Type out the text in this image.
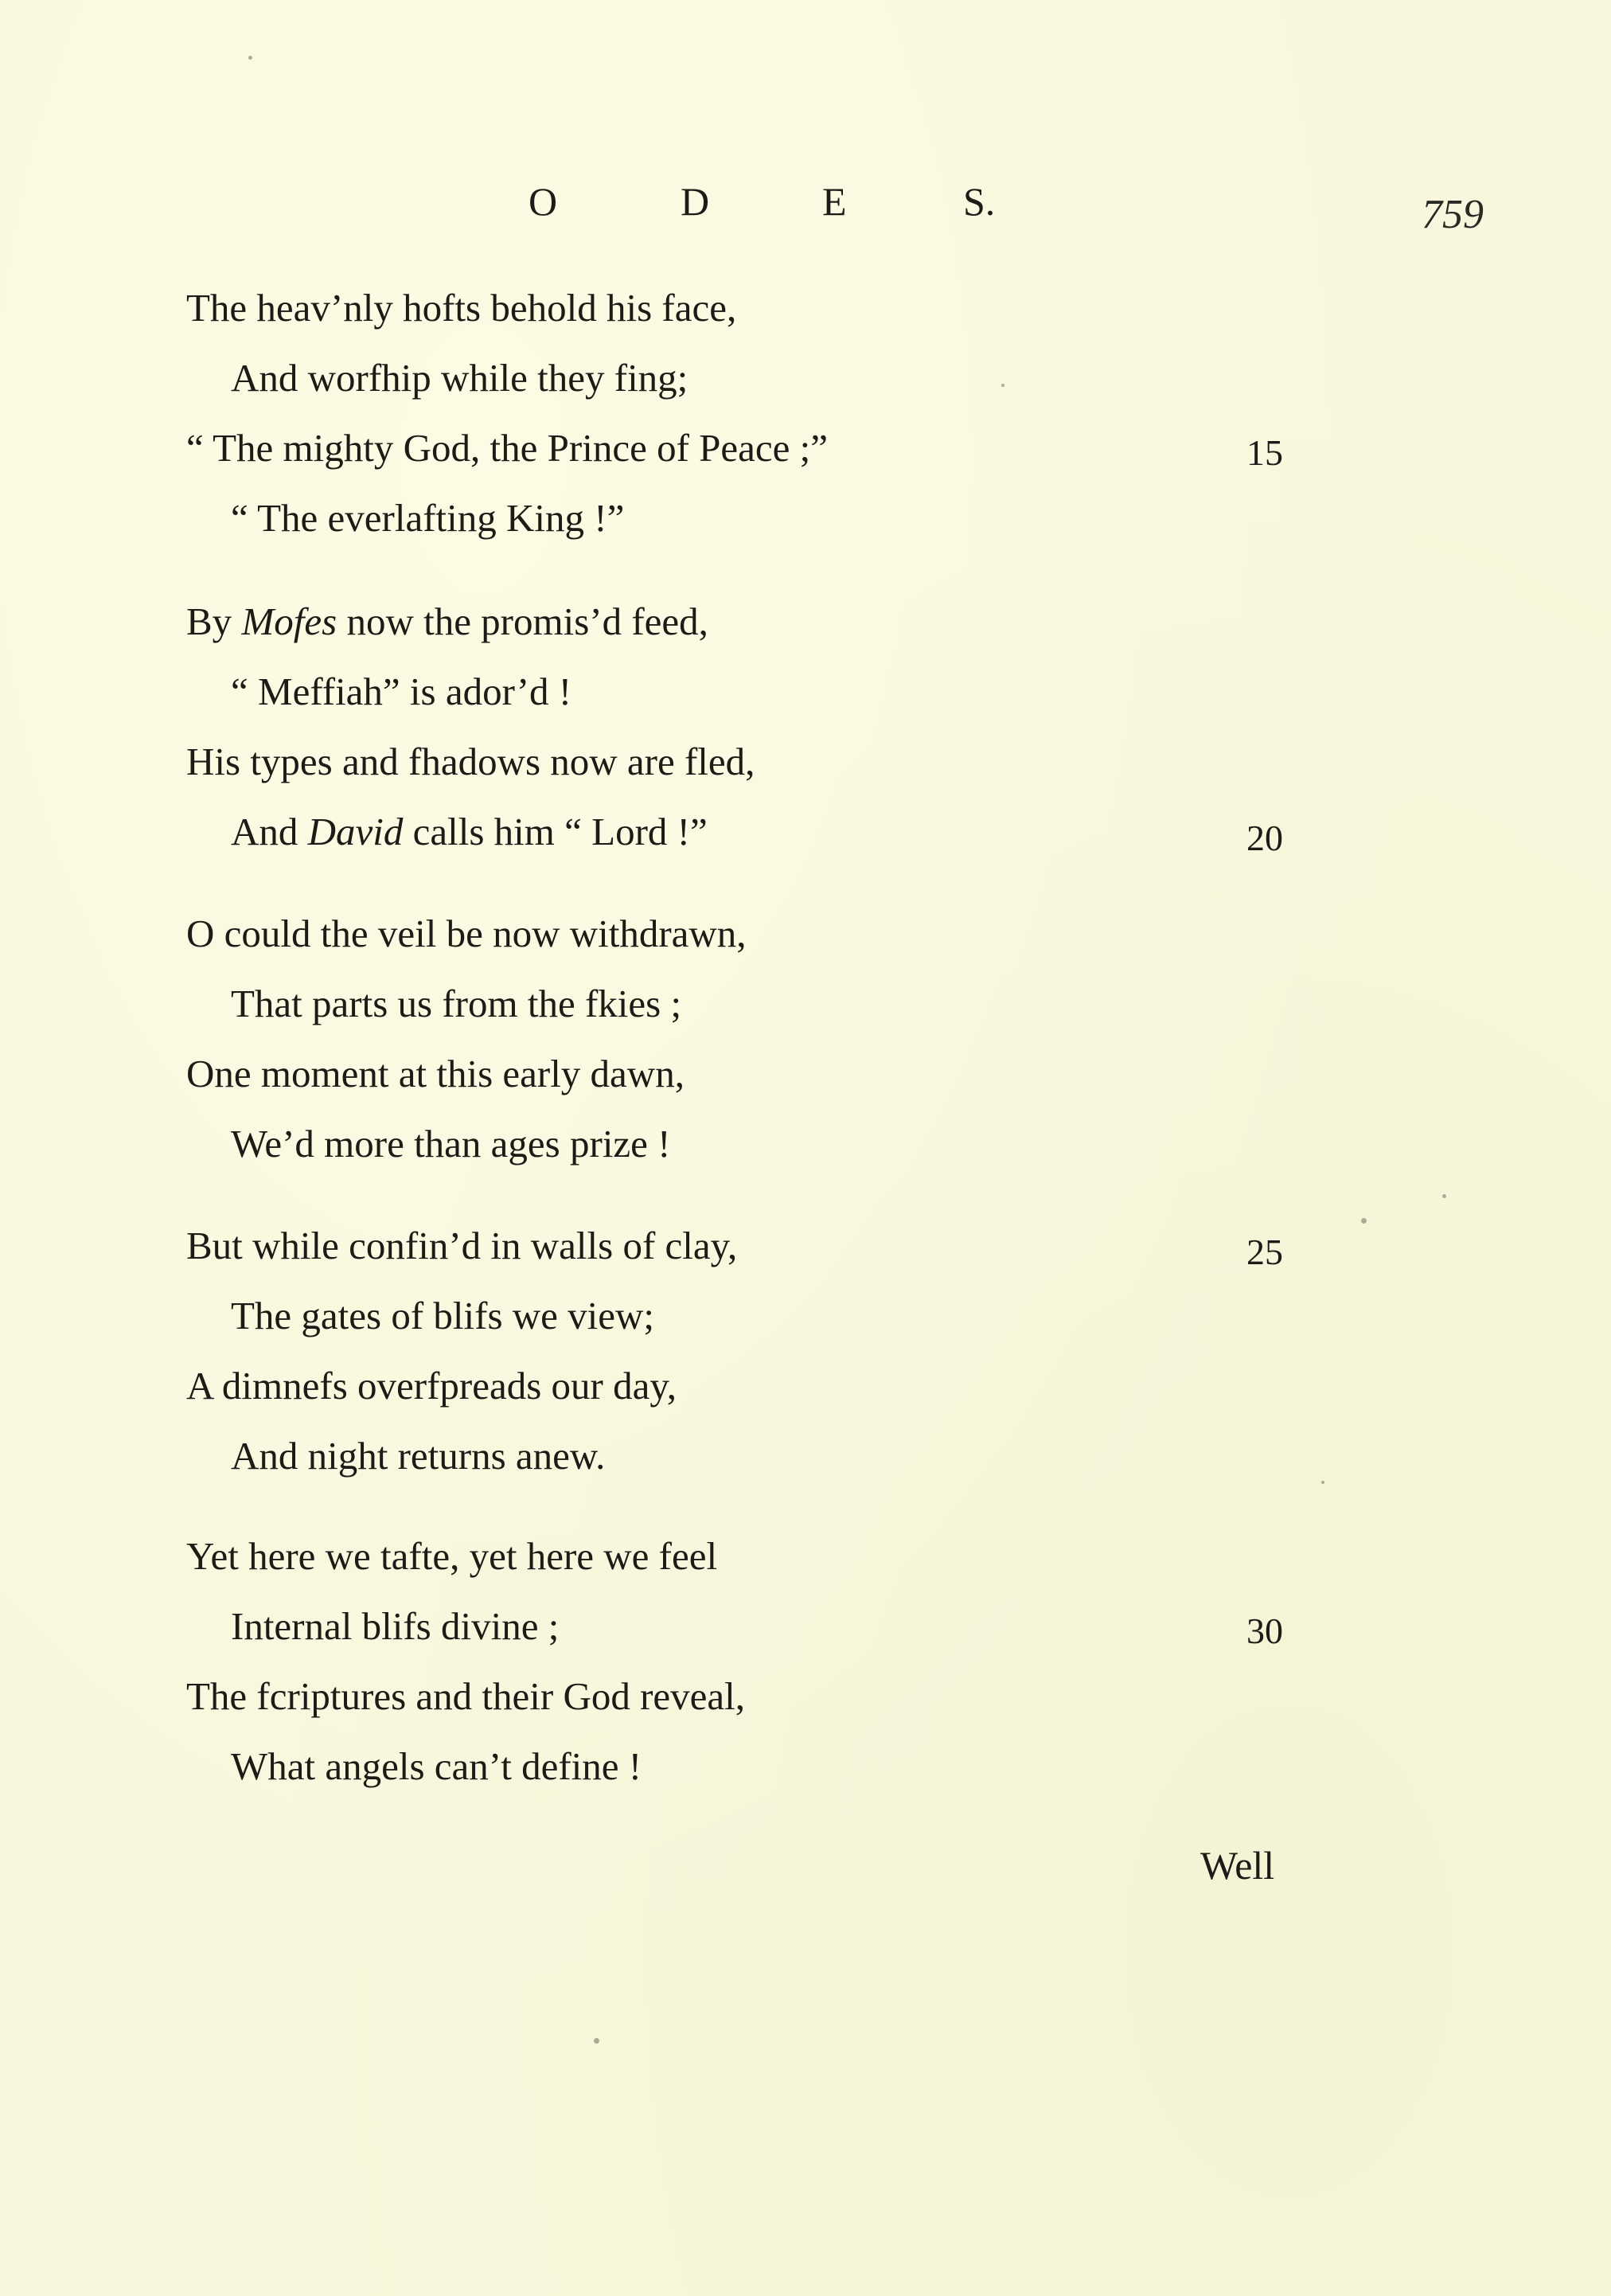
O	D	E	S.	759
The heav’nly hofts behold his face,
And worfhip while they fing;
“ The mighty God, the Prince of Peace ;”	15
“ The everlafting King !”
By Mofes now the promis’d feed,
“ Meffiah” is ador’d !
His types and fhadows now are fled,
And David calls him “ Lord !”	20
O could the veil be now withdrawn,
That parts us from the fkies ;
One moment at this early dawn,
We’d more than ages prize !
But while confin’d in walls of clay,	25
The gates of blifs we view;
A dimnefs overfpreads our day,
And night returns anew.
Yet here we tafte, yet here we feel
Internal blifs divine ;	30
The fcriptures and their God reveal,
What angels can’t define !
Well
